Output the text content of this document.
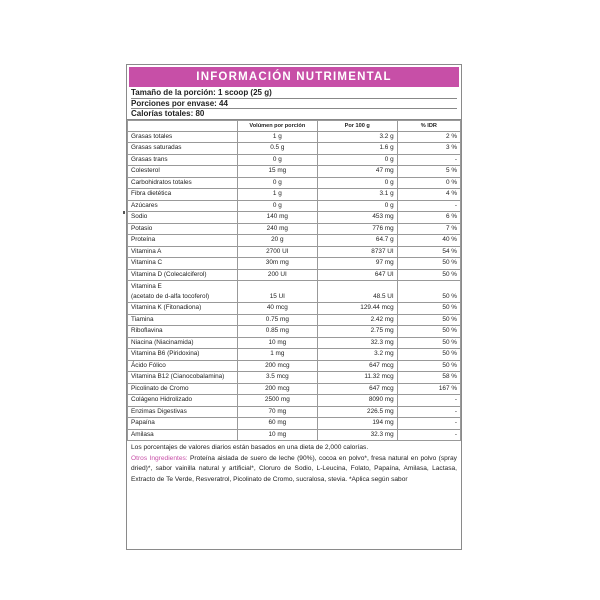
INFORMACIÓN NUTRIMENTAL
Tamaño de la porción: 1 scoop (25 g)
Porciones por envase: 44
Calorías totales: 80
	Volúmen por porción	Por 100 g	% IDR
Grasas totales	1 g	3.2 g	2 %
Grasas saturadas	0.5 g	1.6 g	3 %
Grasas trans	0 g	0 g	-
Colesterol	15 mg	47 mg	5 %
Carbohidratos totales	0 g	0 g	0 %
Fibra dietética	1 g	3.1 g	4 %
Azúcares	0 g	0 g	-
Sodio	140 mg	453 mg	6 %
Potasio	240 mg	776 mg	7 %
Proteína	20 g	64.7 g	40 %
Vitamina A	2700 UI	8737 UI	54 %
Vitamina C	30m mg	97 mg	50 %
Vitamina D (Colecalciferol)	200 UI	647 UI	50 %

Vitamina E
(acetato de d-alfa tocoferol)	15 UI	48.5 UI	50 %
Vitamina K (Fitonadiona)	40 mcg	129.44 mcg	50 %
Tiamina	0.75 mg	2.42 mg	50 %
Riboflavina	0.85 mg	2.75 mg	50 %
Niacina (Niacinamida)	10 mg	32.3 mg	50 %
Vitamina B6 (Piridoxina)	1 mg	3.2 mg	50 %
Ácido Fólico	200 mcg	647 mcg	50 %
Vitamina B12 (Cianocobalamina)	3.5 mcg	11.32 mcg	58 %
Picolinato de Cromo	200 mcg	647 mcg	167 %
Colágeno Hidrolizado	2500 mg	8090 mg	-
Enzimas Digestivas	70 mg	226.5 mg	-
Papaína	60 mg	194 mg	-
Amilasa	10 mg	32.3 mg	-
Los porcentajes de valores diarios están basados en una dieta de 2,000 calorías.
Otros Ingredientes: Proteína aislada de suero de leche (90%), cocoa en polvo*, fresa natural en polvo (spray dried)*, sabor vainilla natural y artificial*, Cloruro de Sodio, L-Leucina, Folato, Papaína, Amilasa, Lactasa, Extracto de Te Verde, Resveratrol, Picolinato de Cromo, sucralosa, stevia. *Aplica según sabor
